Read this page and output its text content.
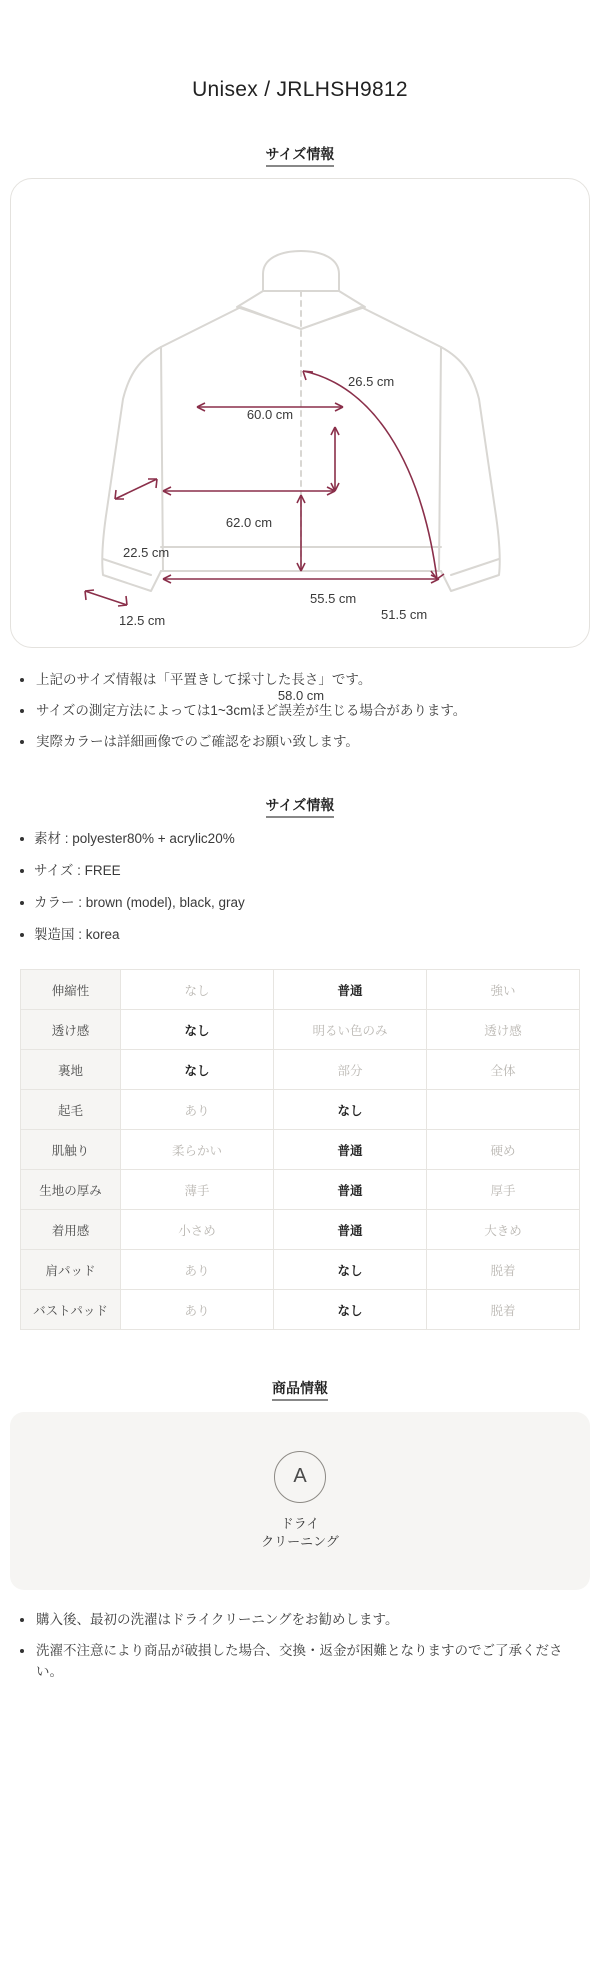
Unisex / JRLHSH9812
サイズ情報
60.0 cm
26.5 cm
62.0 cm
22.5 cm
55.5 cm
58.0 cm
12.5 cm	51.5 cm
上記のサイズ情報は「平置きして採寸した長さ」です。
サイズの測定方法によっては1~3cmほど誤差が生じる場合があります。
実際カラーは詳細画像でのご確認をお願い致します。
サイズ情報
素材 : polyester80% + acrylic20%
サイズ : FREE
カラー : brown (model), black, gray
製造国 : korea
伸縮性	なし	普通	強い
透け感	なし	明るい色のみ	透け感
裏地	なし	部分	全体
起毛	あり	なし	
肌触り	柔らかい	普通	硬め
生地の厚み	薄手	普通	厚手
着用感	小さめ	普通	大きめ
肩パッド	あり	なし	脱着
バストパッド	あり	なし	脱着
商品情報
A
ドライ
クリーニング
購入後、最初の洗濯はドライクリーニングをお勧めします。
洗濯不注意により商品が破損した場合、交換・返金が困難となりますのでご了承ください。
